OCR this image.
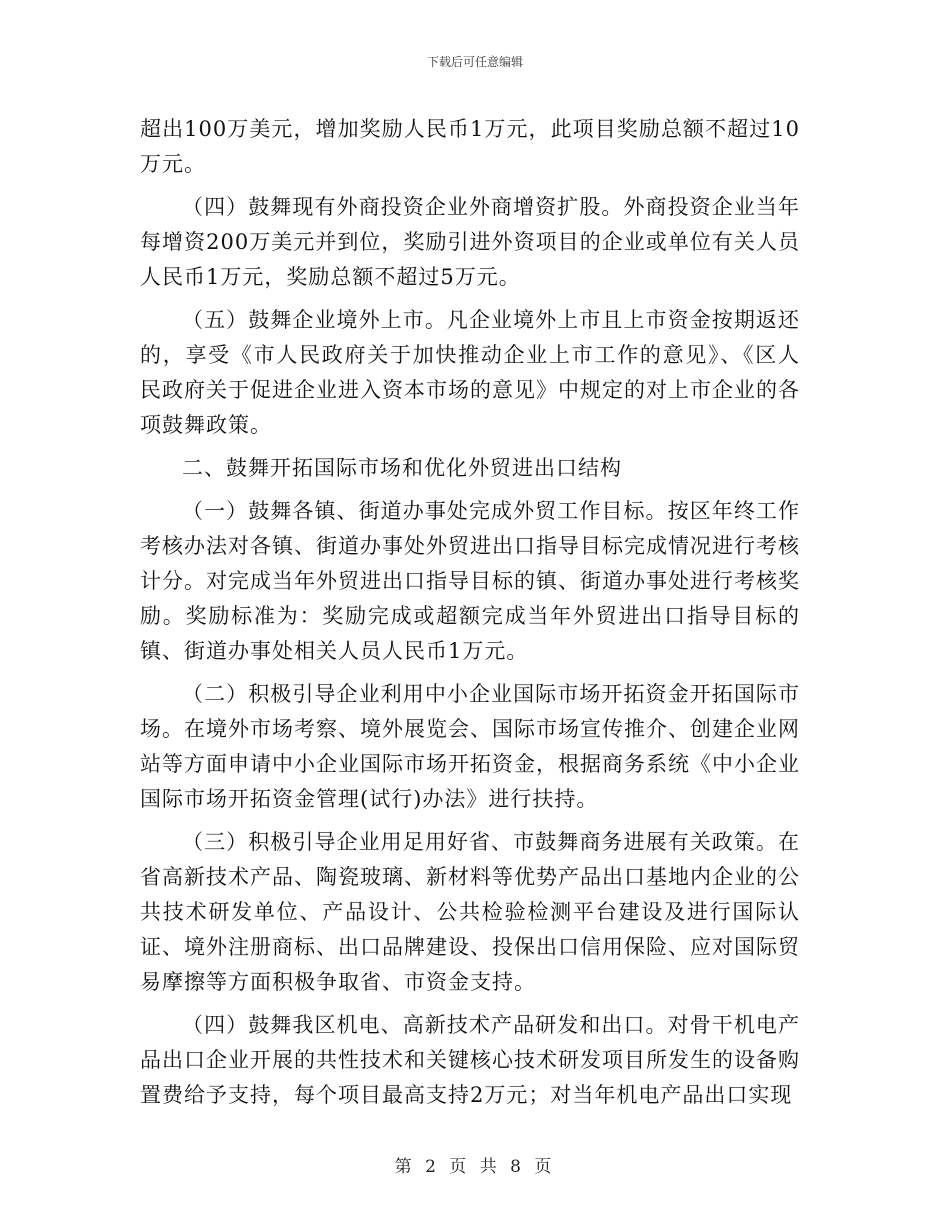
下载后可任意编辑

超出100万美元，增加奖励人民币1万元，此项目奖励总额不超过10万元。

（四）鼓舞现有外商投资企业外商增资扩股。外商投资企业当年每增资200万美元并到位，奖励引进外资项目的企业或单位有关人员人民币1万元，奖励总额不超过5万元。

（五）鼓舞企业境外上市。凡企业境外上市且上市资金按期返还的，享受《市人民政府关于加快推动企业上市工作的意见》、《区人民政府关于促进企业进入资本市场的意见》中规定的对上市企业的各项鼓舞政策。

二、鼓舞开拓国际市场和优化外贸进出口结构

（一）鼓舞各镇、街道办事处完成外贸工作目标。按区年终工作考核办法对各镇、街道办事处外贸进出口指导目标完成情况进行考核计分。对完成当年外贸进出口指导目标的镇、街道办事处进行考核奖励。奖励标准为：奖励完成或超额完成当年外贸进出口指导目标的镇、街道办事处相关人员人民币1万元。

（二）积极引导企业利用中小企业国际市场开拓资金开拓国际市场。在境外市场考察、境外展览会、国际市场宣传推介、创建企业网站等方面申请中小企业国际市场开拓资金，根据商务系统《中小企业国际市场开拓资金管理(试行)办法》进行扶持。

（三）积极引导企业用足用好省、市鼓舞商务进展有关政策。在省高新技术产品、陶瓷玻璃、新材料等优势产品出口基地内企业的公共技术研发单位、产品设计、公共检验检测平台建设及进行国际认证、境外注册商标、出口品牌建设、投保出口信用保险、应对国际贸易摩擦等方面积极争取省、市资金支持。

（四）鼓舞我区机电、高新技术产品研发和出口。对骨干机电产品出口企业开展的共性技术和关键核心技术研发项目所发生的设备购置费给予支持，每个项目最高支持2万元；对当年机电产品出口实现

第 2 页 共 8 页
